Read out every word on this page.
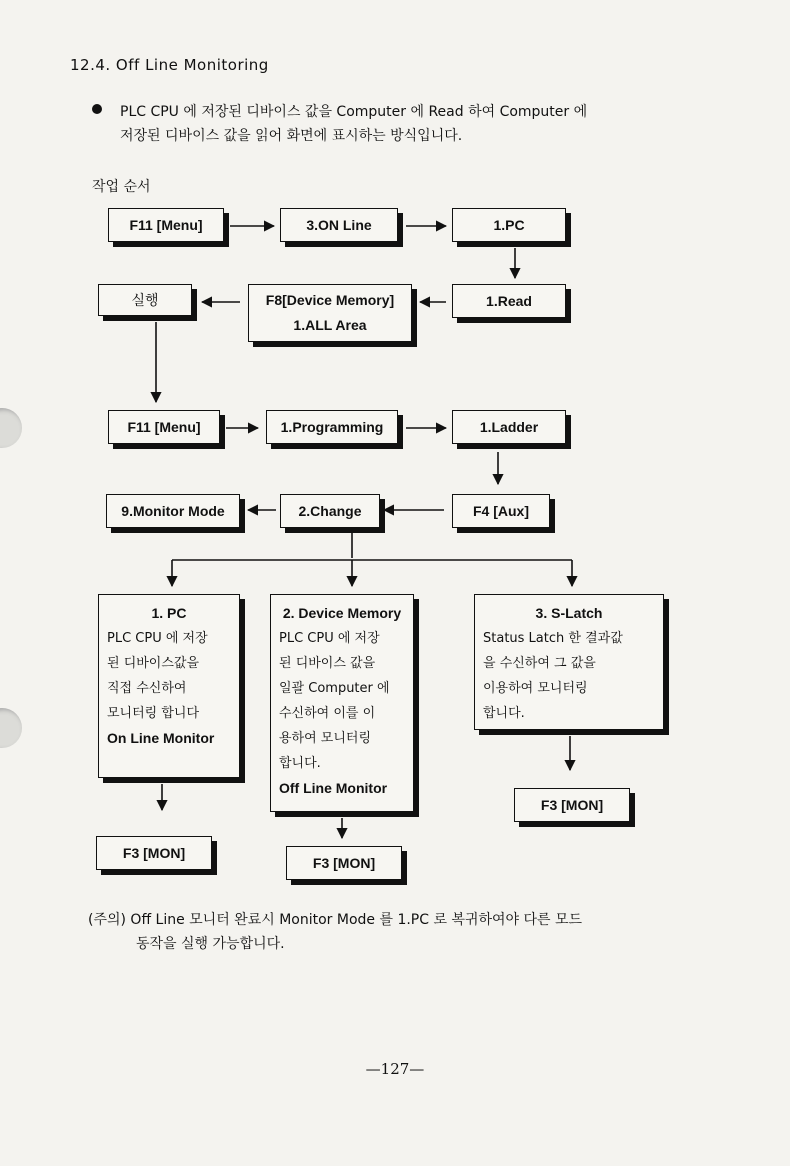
12.4. Off Line Monitoring
PLC CPU 에 저장된 디바이스 값을 Computer 에 Read 하여 Computer 에
저장된 디바이스 값을 읽어 화면에 표시하는 방식입니다.
작업 순서
F11 [Menu]	3.ON Line	1.PC
실행	F8[Device Memory]
1.ALL Area
1.Read
F11 [Menu]	1.Programming	1.Ladder
9.Monitor Mode	2.Change	F4 [Aux]
1. PC
PLC CPU 에 저장
된 디바이스값을
직접 수신하여
모니터링 합니다
On Line Monitor
2. Device Memory
PLC CPU 에 저장
된 디바이스 값을
일괄 Computer 에
수신하여 이를 이
용하여 모니터링
합니다.
Off Line Monitor
3. S-Latch
Status Latch 한 결과값
을 수신하여 그 값을
이용하여 모니터링
합니다.
F3 [MON]
F3 [MON]
F3 [MON]
(주의) Off Line 모니터 완료시 Monitor Mode 를 1.PC 로 복귀하여야 다른 모드
동작을 실행 가능합니다.
—127—
